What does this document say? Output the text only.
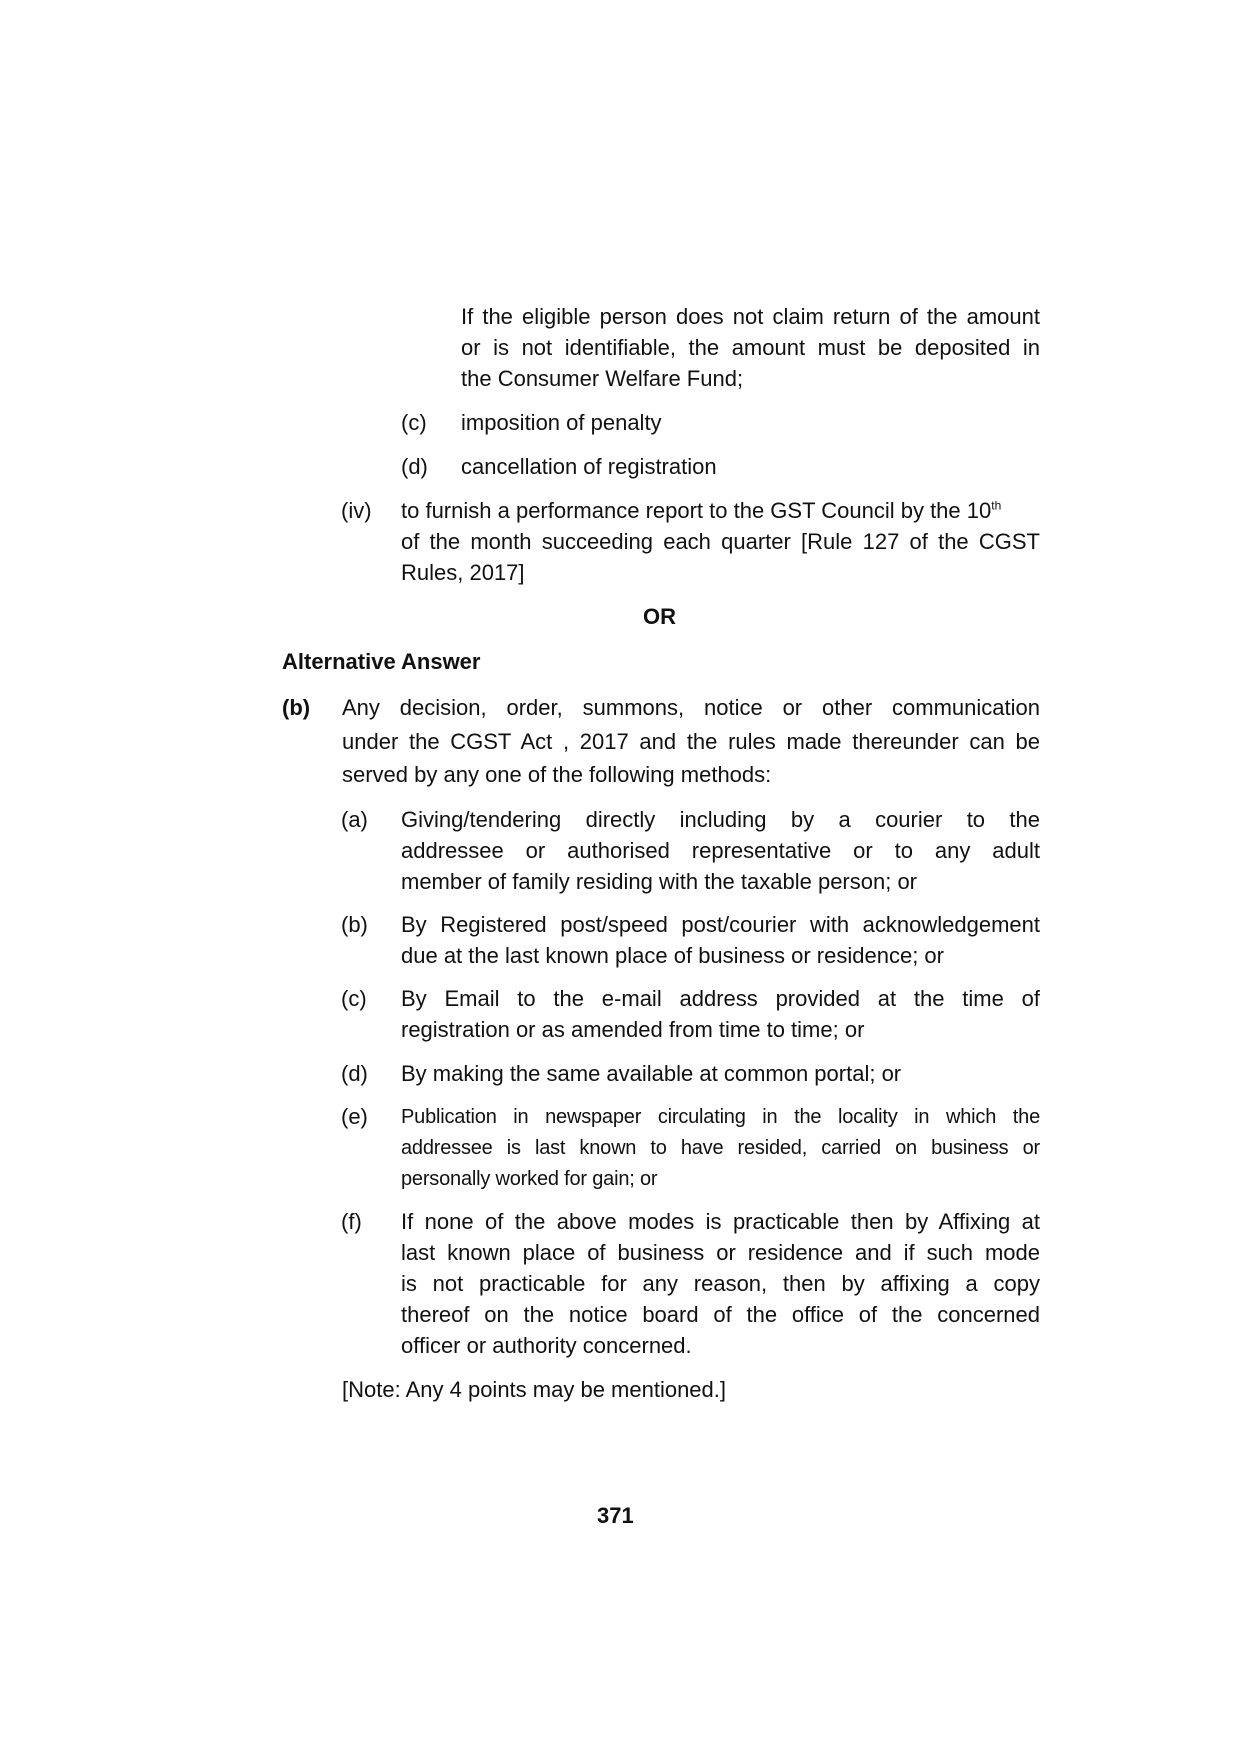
If the eligible person does not claim return of the amount
or is not identifiable, the amount must be deposited in
the Consumer Welfare Fund;
(c) imposition of penalty
(d) cancellation of registration
(iv) to furnish a performance report to the GST Council by the 10th
of the month succeeding each quarter [Rule 127 of the CGST
Rules, 2017]
OR
Alternative Answer
(b) Any decision, order, summons, notice or other communication
under the CGST Act , 2017 and the rules made thereunder can be
served by any one of the following methods:
(a) Giving/tendering directly including by a courier to the
addressee or authorised representative or to any adult
member of family residing with the taxable person; or
(b) By Registered post/speed post/courier with acknowledgement
due at the last known place of business or residence; or
(c) By Email to the e-mail address provided at the time of
registration or as amended from time to time; or
(d) By making the same available at common portal; or
(e) Publication in newspaper circulating in the locality in which the
addressee is last known to have resided, carried on business or
personally worked for gain; or
(f) If none of the above modes is practicable then by Affixing at
last known place of business or residence and if such mode
is not practicable for any reason, then by affixing a copy
thereof on the notice board of the office of the concerned
officer or authority concerned.
[Note: Any 4 points may be mentioned.]
371
